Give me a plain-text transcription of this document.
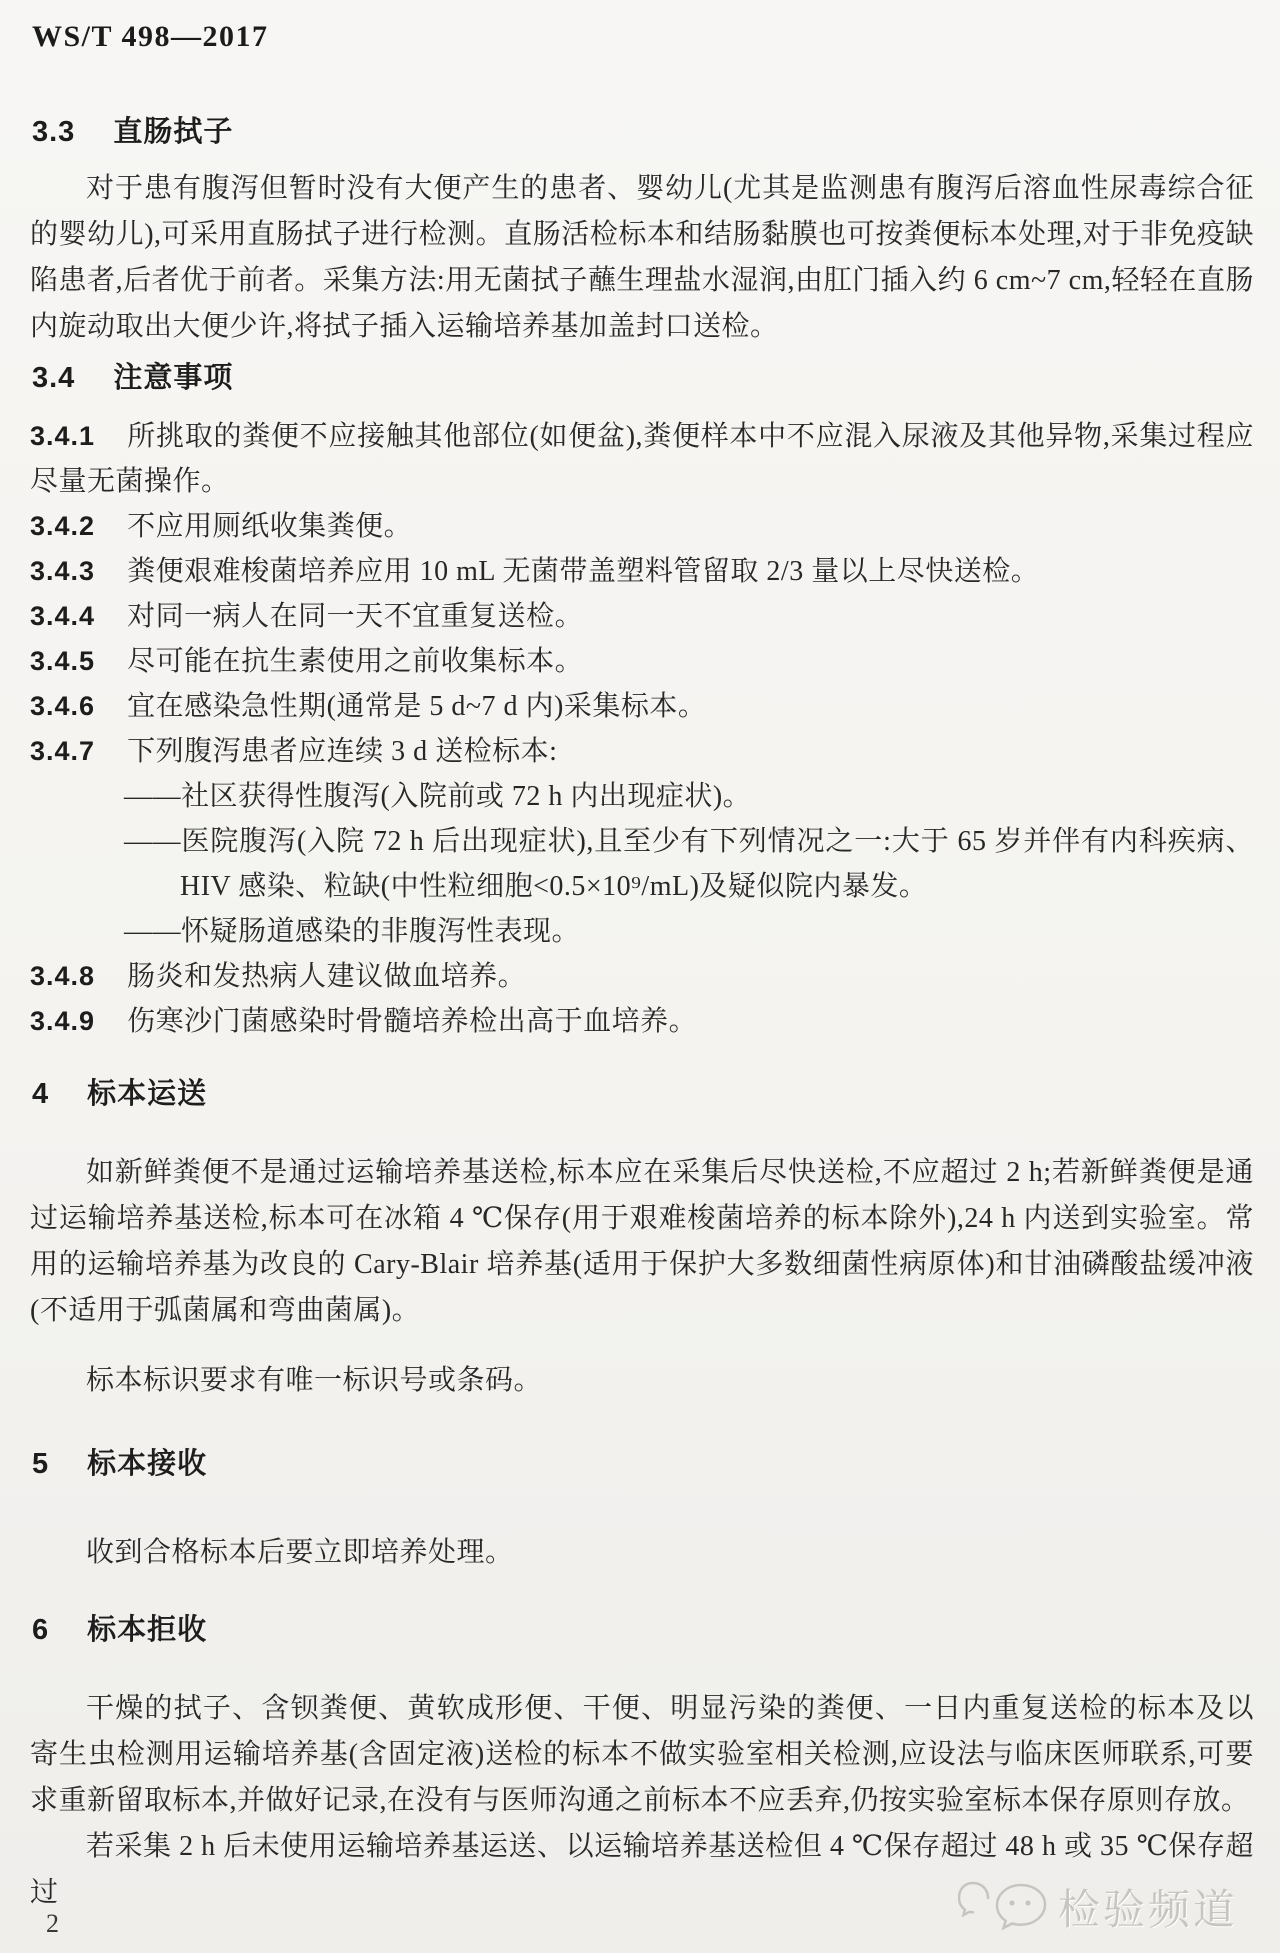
WS/T 498—2017
3.3 直肠拭子

对于患有腹泻但暂时没有大便产生的患者、婴幼儿(尤其是监测患有腹泻后溶血性尿毒综合征的婴幼儿),可采用直肠拭子进行检测。直肠活检标本和结肠黏膜也可按粪便标本处理,对于非免疫缺陷患者,后者优于前者。采集方法:用无菌拭子蘸生理盐水湿润,由肛门插入约 6 cm~7 cm,轻轻在直肠内旋动取出大便少许,将拭子插入运输培养基加盖封口送检。

3.4 注意事项

3.4.1 所挑取的粪便不应接触其他部位(如便盆),粪便样本中不应混入尿液及其他异物,采集过程应尽量无菌操作。

3.4.2 不应用厕纸收集粪便。

3.4.3 粪便艰难梭菌培养应用 10 mL 无菌带盖塑料管留取 2/3 量以上尽快送检。

3.4.4 对同一病人在同一天不宜重复送检。

3.4.5 尽可能在抗生素使用之前收集标本。

3.4.6 宜在感染急性期(通常是 5 d~7 d 内)采集标本。

3.4.7 下列腹泻患者应连续 3 d 送检标本:

——社区获得性腹泻(入院前或 72 h 内出现症状)。

——医院腹泻(入院 72 h 后出现症状),且至少有下列情况之一:大于 65 岁并伴有内科疾病、HIV 感染、粒缺(中性粒细胞<0.5×10⁹/mL)及疑似院内暴发。

——怀疑肠道感染的非腹泻性表现。

3.4.8 肠炎和发热病人建议做血培养。

3.4.9 伤寒沙门菌感染时骨髓培养检出高于血培养。

4 标本运送

如新鲜粪便不是通过运输培养基送检,标本应在采集后尽快送检,不应超过 2 h;若新鲜粪便是通过运输培养基送检,标本可在冰箱 4 ℃保存(用于艰难梭菌培养的标本除外),24 h 内送到实验室。常用的运输培养基为改良的 Cary-Blair 培养基(适用于保护大多数细菌性病原体)和甘油磷酸盐缓冲液(不适用于弧菌属和弯曲菌属)。

标本标识要求有唯一标识号或条码。

5 标本接收

收到合格标本后要立即培养处理。

6 标本拒收

干燥的拭子、含钡粪便、黄软成形便、干便、明显污染的粪便、一日内重复送检的标本及以寄生虫检测用运输培养基(含固定液)送检的标本不做实验室相关检测,应设法与临床医师联系,可要求重新留取标本,并做好记录,在没有与医师沟通之前标本不应丢弃,仍按实验室标本保存原则存放。

若采集 2 h 后未使用运输培养基运送、以运输培养基送检但 4 ℃保存超过 48 h 或 35 ℃保存超过

2	检验频道
